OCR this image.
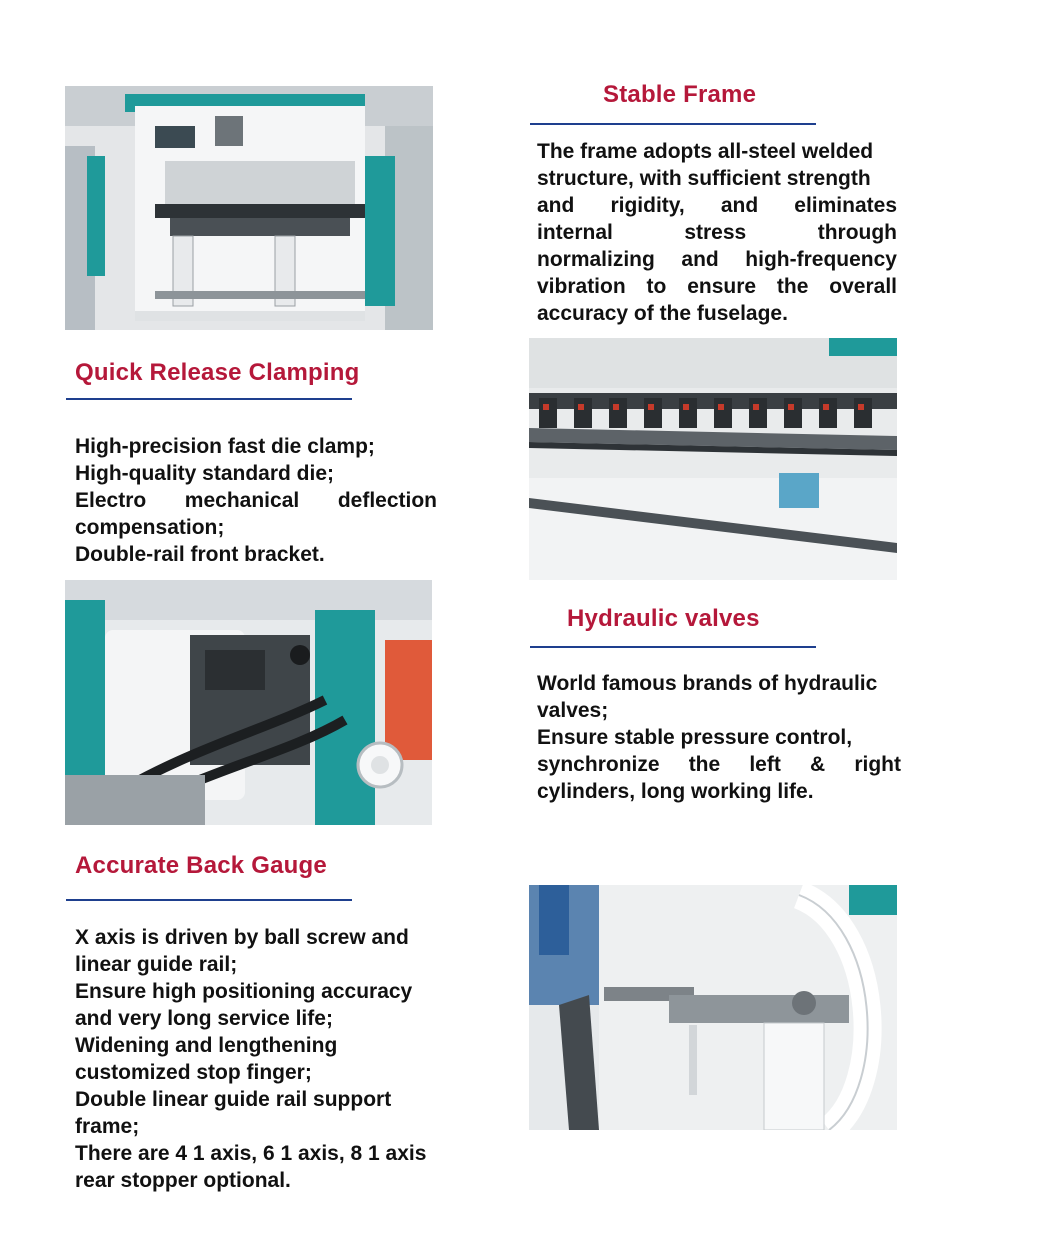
Stable Frame
The frame adopts all-steel welded
structure, with sufficient strength
and rigidity, and eliminates
internal stress through
normalizing and high-frequency
vibration to ensure the overall
accuracy of the fuselage.
Quick Release Clamping
High-precision fast die clamp;
High-quality standard die;
Electro mechanical deflection
compensation;
Double-rail front bracket.
Hydraulic valves
World famous brands of hydraulic
valves;
Ensure stable pressure control,
synchronize the left & right
cylinders, long working life.
Accurate Back Gauge
X axis is driven by ball screw and
linear guide rail;
Ensure high positioning accuracy
and very long service life;
Widening and lengthening
customized stop finger;
Double linear guide rail support
frame;
There are 4 1 axis, 6 1 axis, 8 1 axis
rear stopper optional.
